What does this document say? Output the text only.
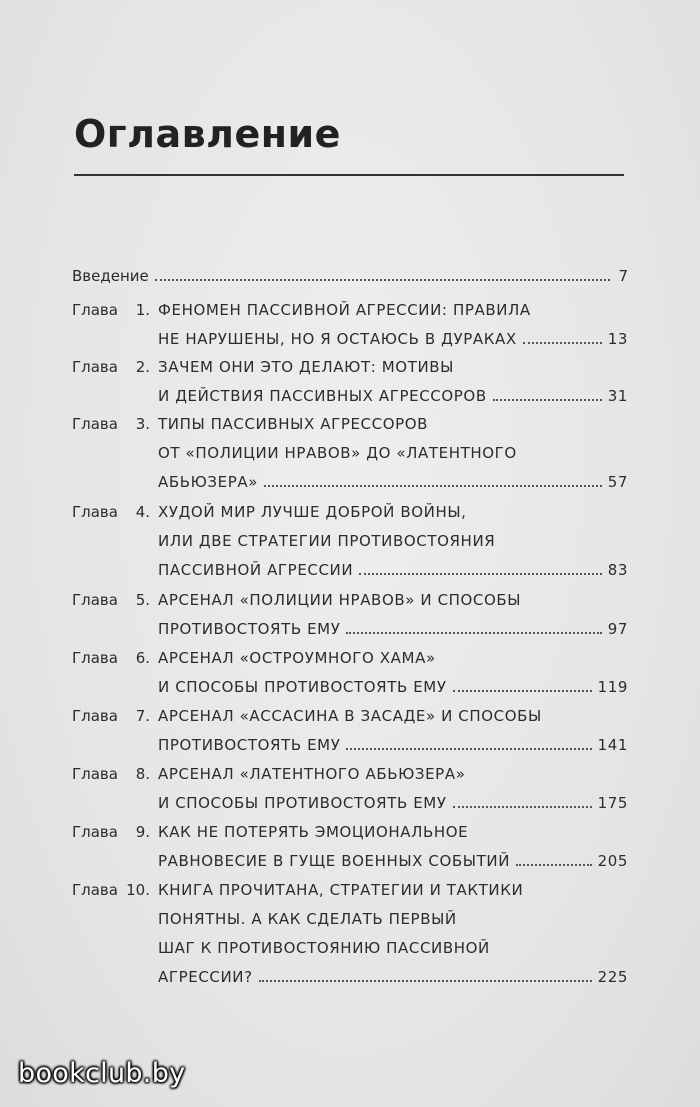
Оглавление
Введение	7
Глава 1. ФЕНОМЕН ПАССИВНОЙ АГРЕССИИ: ПРАВИЛА
НЕ НАРУШЕНЫ, НО Я ОСТАЮСЬ В ДУРАКАХ	13
Глава 2. ЗАЧЕМ ОНИ ЭТО ДЕЛАЮТ: МОТИВЫ
И ДЕЙСТВИЯ ПАССИВНЫХ АГРЕССОРОВ	31
Глава 3. ТИПЫ ПАССИВНЫХ АГРЕССОРОВ
ОТ «ПОЛИЦИИ НРАВОВ» ДО «ЛАТЕНТНОГО
АБЬЮЗЕРА»	57
Глава 4. ХУДОЙ МИР ЛУЧШЕ ДОБРОЙ ВОЙНЫ,
ИЛИ ДВЕ СТРАТЕГИИ ПРОТИВОСТОЯНИЯ
ПАССИВНОЙ АГРЕССИИ	83
Глава 5. АРСЕНАЛ «ПОЛИЦИИ НРАВОВ» И СПОСОБЫ
ПРОТИВОСТОЯТЬ ЕМУ	97
Глава 6. АРСЕНАЛ «ОСТРОУМНОГО ХАМА»
И СПОСОБЫ ПРОТИВОСТОЯТЬ ЕМУ	119
Глава 7. АРСЕНАЛ «АССАСИНА В ЗАСАДЕ» И СПОСОБЫ
ПРОТИВОСТОЯТЬ ЕМУ	141
Глава 8. АРСЕНАЛ «ЛАТЕНТНОГО АБЬЮЗЕРА»
И СПОСОБЫ ПРОТИВОСТОЯТЬ ЕМУ	175
Глава 9. КАК НЕ ПОТЕРЯТЬ ЭМОЦИОНАЛЬНОЕ
РАВНОВЕСИЕ В ГУЩЕ ВОЕННЫХ СОБЫТИЙ	205
Глава 10. КНИГА ПРОЧИТАНА, СТРАТЕГИИ И ТАКТИКИ
ПОНЯТНЫ. А КАК СДЕЛАТЬ ПЕРВЫЙ
ШАГ К ПРОТИВОСТОЯНИЮ ПАССИВНОЙ
АГРЕССИИ?	225
bookclub.by
